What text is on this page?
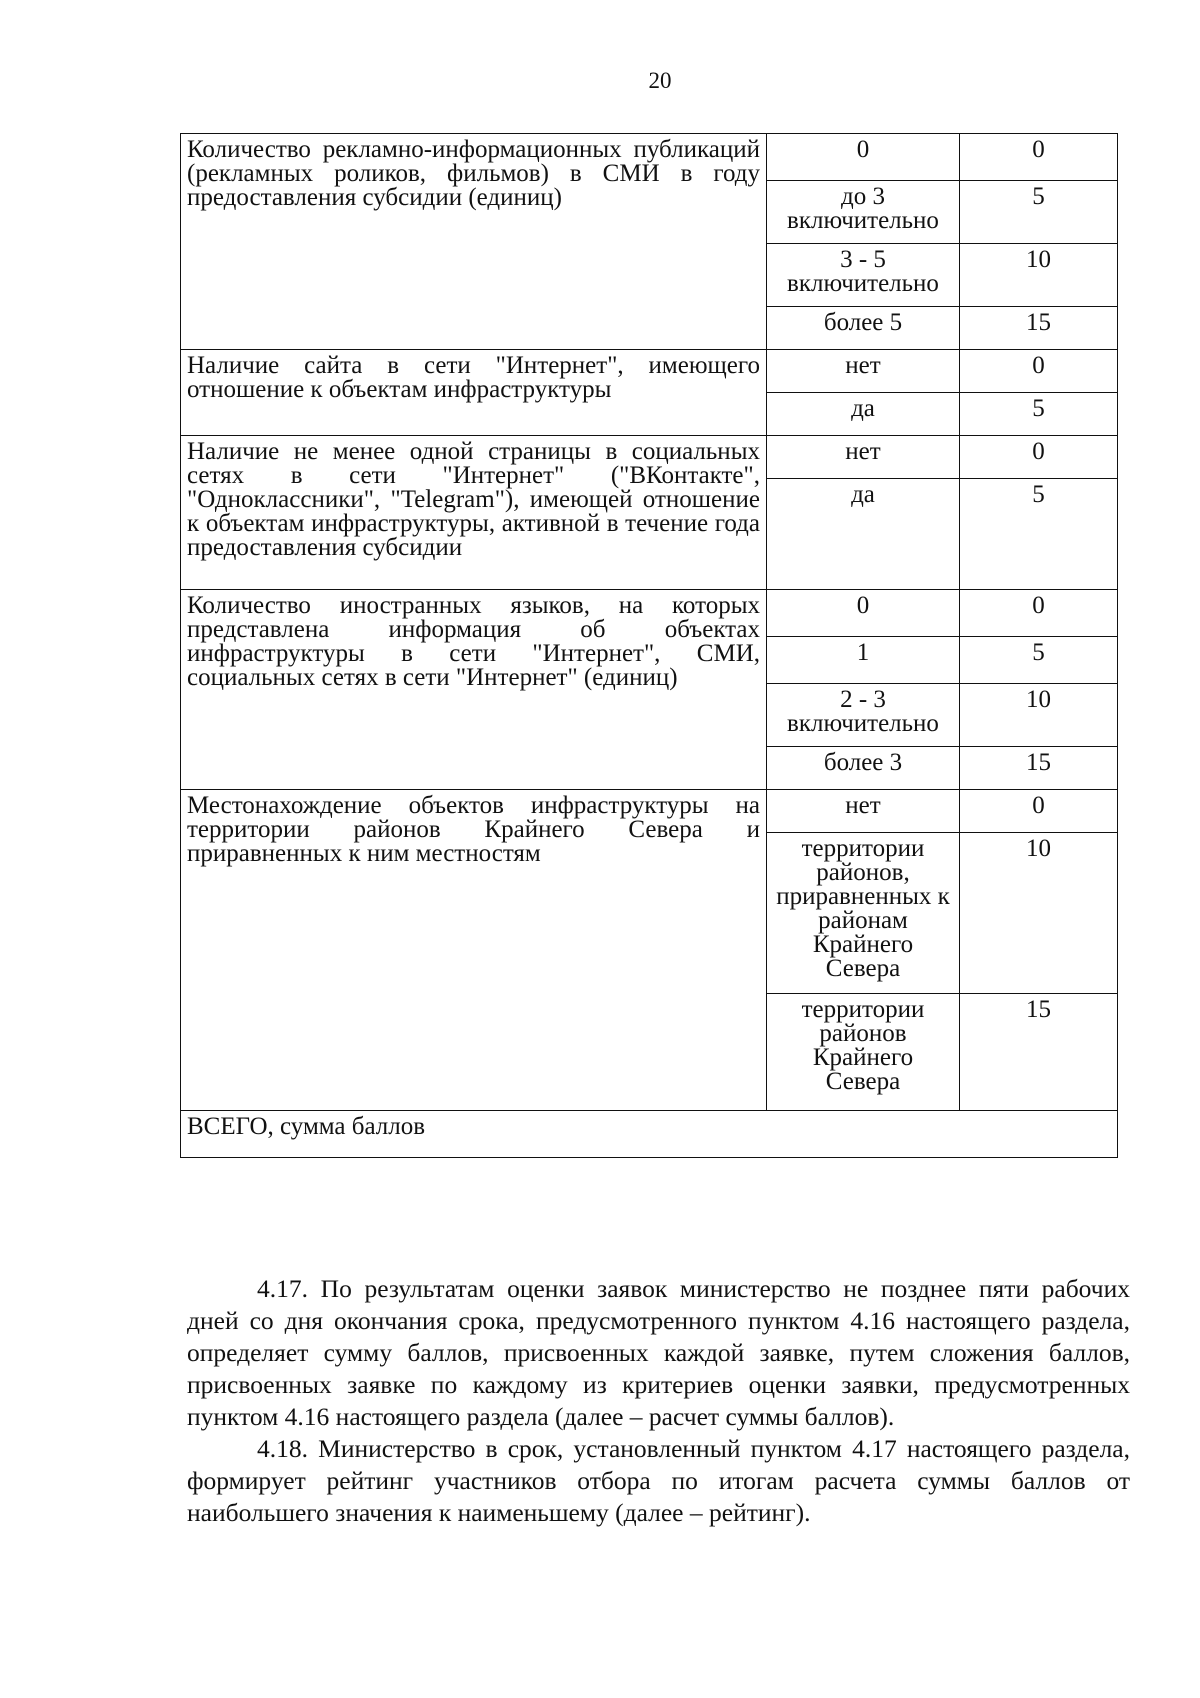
20
Количество рекламно-информационных публикаций (рекламных роликов, фильмов) в СМИ в году предоставления субсидии (единиц)	0	0
	до 3 включительно	5
	3 - 5 включительно	10
	более 5	15
Наличие сайта в сети "Интернет", имеющего отношение к объектам инфраструктуры	нет	0
	да	5
Наличие не менее одной страницы в социальных сетях в сети "Интернет" ("ВКонтакте", "Одноклассники", "Telegram"), имеющей отношение к объектам инфраструктуры, активной в течение года предоставления субсидии	нет	0
	да	5
Количество иностранных языков, на которых представлена информация об объектах инфраструктуры в сети "Интернет", СМИ, социальных сетях в сети "Интернет" (единиц)	0	0
	1	5
	2 - 3 включительно	10
	более 3	15
Местонахождение объектов инфраструктуры на территории районов Крайнего Севера и приравненных к ним местностям	нет	0
	территории районов, приравненных к районам Крайнего Севера	10
	территории районов Крайнего Севера	15
ВСЕГО, сумма баллов		

4.17. По результатам оценки заявок министерство не позднее пяти рабочих дней со дня окончания срока, предусмотренного пунктом 4.16 настоящего раздела, определяет сумму баллов, присвоенных каждой заявке, путем сложения баллов, присвоенных заявке по каждому из критериев оценки заявки, предусмотренных пунктом 4.16 настоящего раздела (далее – расчет суммы баллов).

4.18. Министерство в срок, установленный пунктом 4.17 настоящего раздела, формирует рейтинг участников отбора по итогам расчета суммы баллов от наибольшего значения к наименьшему (далее – рейтинг).
